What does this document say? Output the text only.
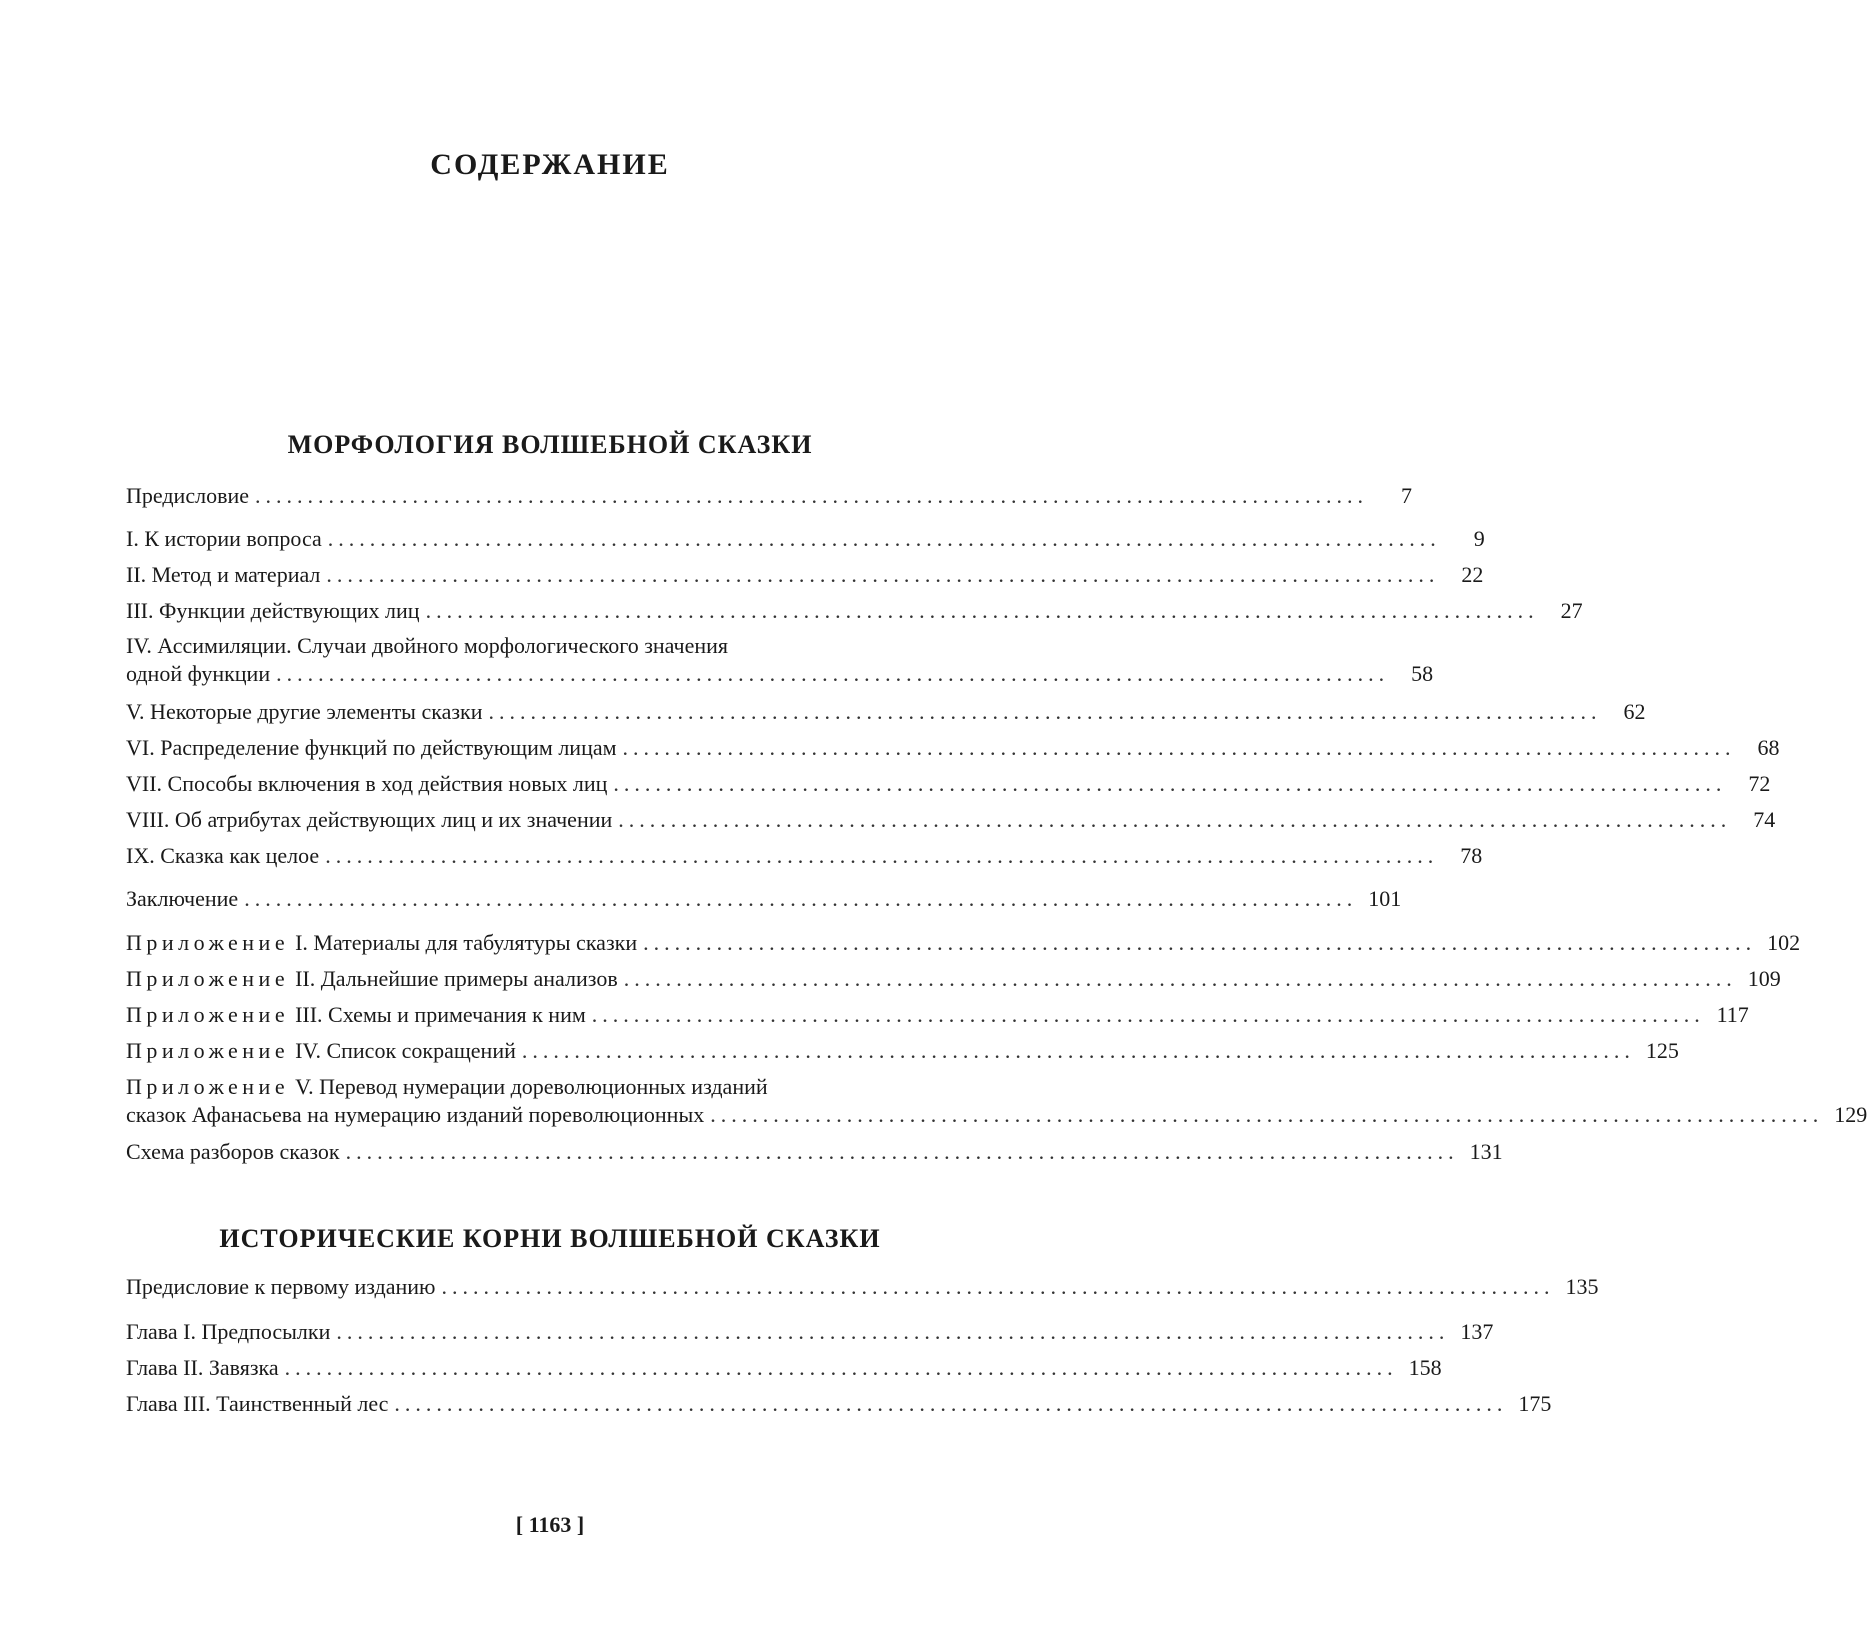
СОДЕРЖАНИЕ
МОРФОЛОГИЯ ВОЛШЕБНОЙ СКАЗКИ
Предисловие ..........................................................................................................	7
I. К истории вопроса ..........................................................................................................	9
II. Метод и материал ..........................................................................................................	22
III. Функции действующих лиц ..........................................................................................................	27
IV. Ассимиляции. Случаи двойного морфологического значения
одной функции ..........................................................................................................	58
V. Некоторые другие элементы сказки ..........................................................................................................	62
VI. Распределение функций по действующим лицам ..........................................................................................................	68
VII. Способы включения в ход действия новых лиц ..........................................................................................................	72
VIII. Об атрибутах действующих лиц и их значении ..........................................................................................................	74
IX. Сказка как целое ..........................................................................................................	78
Заключение .......................................................................................................... 101
Приложение I. Материалы для табулятуры сказки .......................................................................................................... 102
Приложение II. Дальнейшие примеры анализов .......................................................................................................... 109
Приложение III. Схемы и примечания к ним .......................................................................................................... 117
Приложение IV. Список сокращений .......................................................................................................... 125
Приложение V. Перевод нумерации дореволюционных изданий
сказок Афанасьева на нумерацию изданий пореволюционных .......................................................................................................... 129
Схема разборов сказок .......................................................................................................... 131
ИСТОРИЧЕСКИЕ КОРНИ ВОЛШЕБНОЙ СКАЗКИ
Предисловие к первому изданию .......................................................................................................... 135
Глава I. Предпосылки .......................................................................................................... 137
Глава II. Завязка .......................................................................................................... 158
Глава III. Таинственный лес .......................................................................................................... 175
[ 1163 ]
